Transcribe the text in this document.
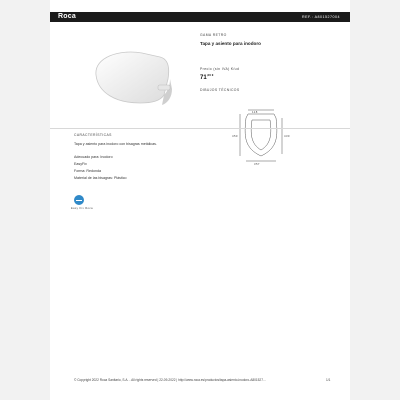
Roca	REF.: A801527004
GAMA RETRO
Tapa y asiento para inodoro
Precio (sin IVA) €/ud
$71^{,00 €}$
DIBUJOS TÉCNICOS
118
450	430
357
CARACTERÍSTICAS
Tapa y asiento para inodoro con bisagras metálicas.
Adecuado para: Inodoro
EasyFix
Forma: Redonda
Material de las bisagras: Plástico
Easy Fix Roca
© Copyright 2022 Roca Sanitario, S.A. - All rights reserved | 22-09-2022 | http://www.roca.es/productos/tapa-asiento-inodoro-A801527...	1/1
